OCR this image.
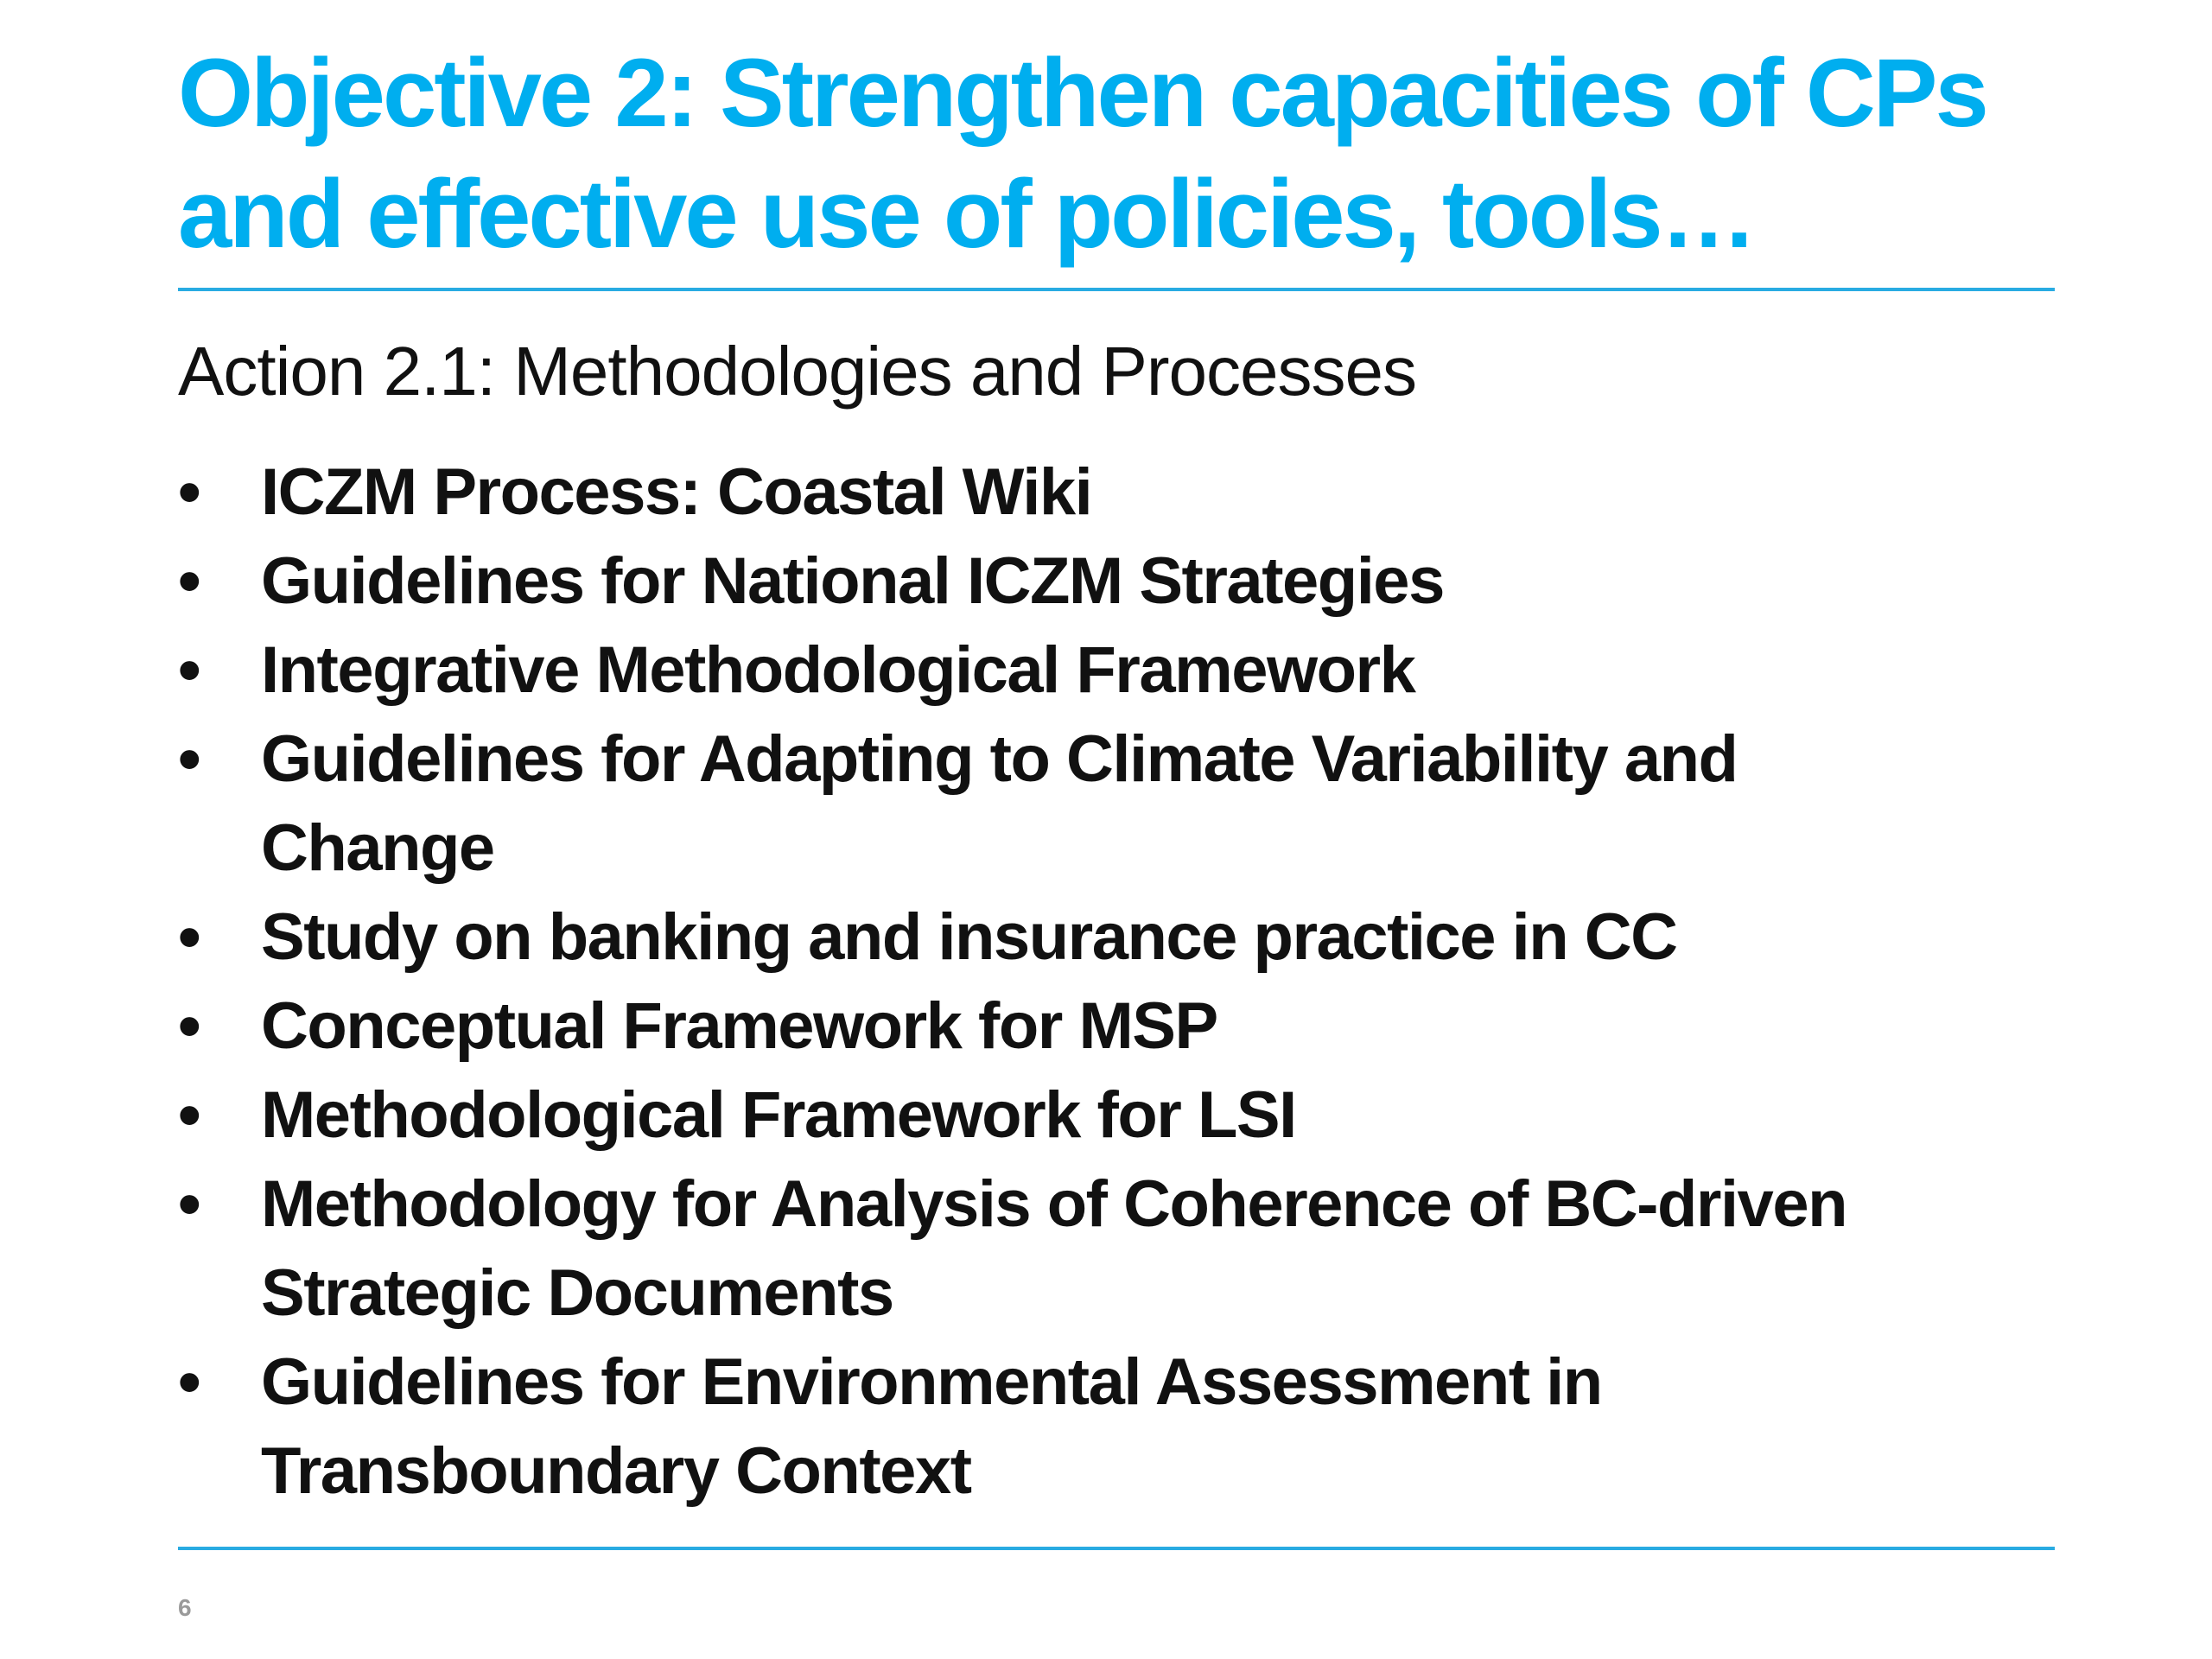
Objective 2: Strengthen capacities of CPs
and effective use of policies, tools…
Action 2.1: Methodologies and Processes
• ICZM Process: Coastal Wiki
• Guidelines for National ICZM Strategies
• Integrative Methodological Framework
• Guidelines for Adapting to Climate Variability and
Change
• Study on banking and insurance practice in CC
• Conceptual Framework for MSP
• Methodological Framework for LSI
• Methodology for Analysis of Coherence of BC-driven
Strategic Documents
• Guidelines for Environmental Assessment in
Transboundary Context
6
